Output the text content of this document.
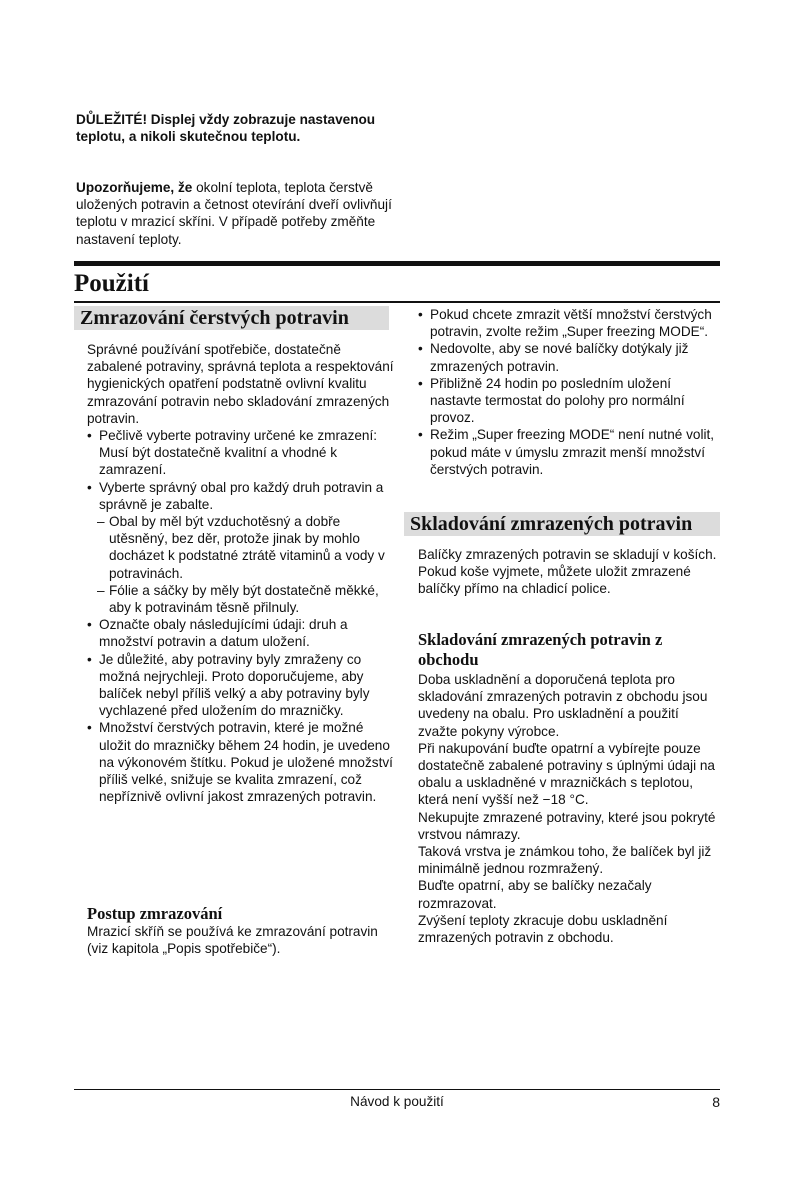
DŮLEŽITÉ! Displej vždy zobrazuje nastavenou teplotu, a nikoli skutečnou teplotu.

Upozorňujeme, že okolní teplota, teplota čerstvě uložených potravin a četnost otevírání dveří ovlivňují teplotu v mrazicí skříni. V případě potřeby změňte nastavení teploty.

Použití
Zmrazování čerstvých potravin

Správné používání spotřebiče, dostatečně zabalené potraviny, správná teplota a respektování hygienických opatření podstatně ovlivní kvalitu zmrazování potravin nebo skladování zmrazených potravin.

• Pečlivě vyberte potraviny určené ke zmrazení: Musí být dostatečně kvalitní a vhodné k zamrazení.
• Vyberte správný obal pro každý druh potravin a správně je zabalte.
– Obal by měl být vzduchotěsný a dobře utěsněný, bez děr, protože jinak by mohlo docházet k podstatné ztrátě vitaminů a vody v potravinách.
– Fólie a sáčky by měly být dostatečně měkké, aby k potravinám těsně přilnuly.
• Označte obaly následujícími údaji: druh a množství potravin a datum uložení.
• Je důležité, aby potraviny byly zmraženy co možná nejrychleji. Proto doporučujeme, aby balíček nebyl příliš velký a aby potraviny byly vychlazené před uložením do mrazničky.
• Množství čerstvých potravin, které je možné uložit do mrazničky během 24 hodin, je uvedeno na výkonovém štítku. Pokud je uložené množství příliš velké, snižuje se kvalita zmrazení, což nepříznivě ovlivní jakost zmrazených potravin.
Postup zmrazování

Mrazicí skříň se používá ke zmrazování potravin (viz kapitola „Popis spotřebiče“).

• Pokud chcete zmrazit větší množství čerstvých potravin, zvolte režim „Super freezing MODE“.
• Nedovolte, aby se nové balíčky dotýkaly již zmrazených potravin.
• Přibližně 24 hodin po posledním uložení nastavte termostat do polohy pro normální provoz.
• Režim „Super freezing MODE“ není nutné volit, pokud máte v úmyslu zmrazit menší množství čerstvých potravin.
Skladování zmrazených potravin

Balíčky zmrazených potravin se skladují v koších.

Pokud koše vyjmete, můžete uložit zmrazené balíčky přímo na chladicí police.

Skladování zmrazených potravin z obchodu

Doba uskladnění a doporučená teplota pro skladování zmrazených potravin z obchodu jsou uvedeny na obalu. Pro uskladnění a použití zvažte pokyny výrobce.

Při nakupování buďte opatrní a vybírejte pouze dostatečně zabalené potraviny s úplnými údaji na obalu a uskladněné v mrazničkách s teplotou, která není vyšší než −18 °C.

Nekupujte zmrazené potraviny, které jsou pokryté vrstvou námrazy.

Taková vrstva je známkou toho, že balíček byl již minimálně jednou rozmražený.

Buďte opatrní, aby se balíčky nezačaly rozmrazovat.

Zvýšení teploty zkracuje dobu uskladnění zmrazených potravin z obchodu.

Návod k použití	8
